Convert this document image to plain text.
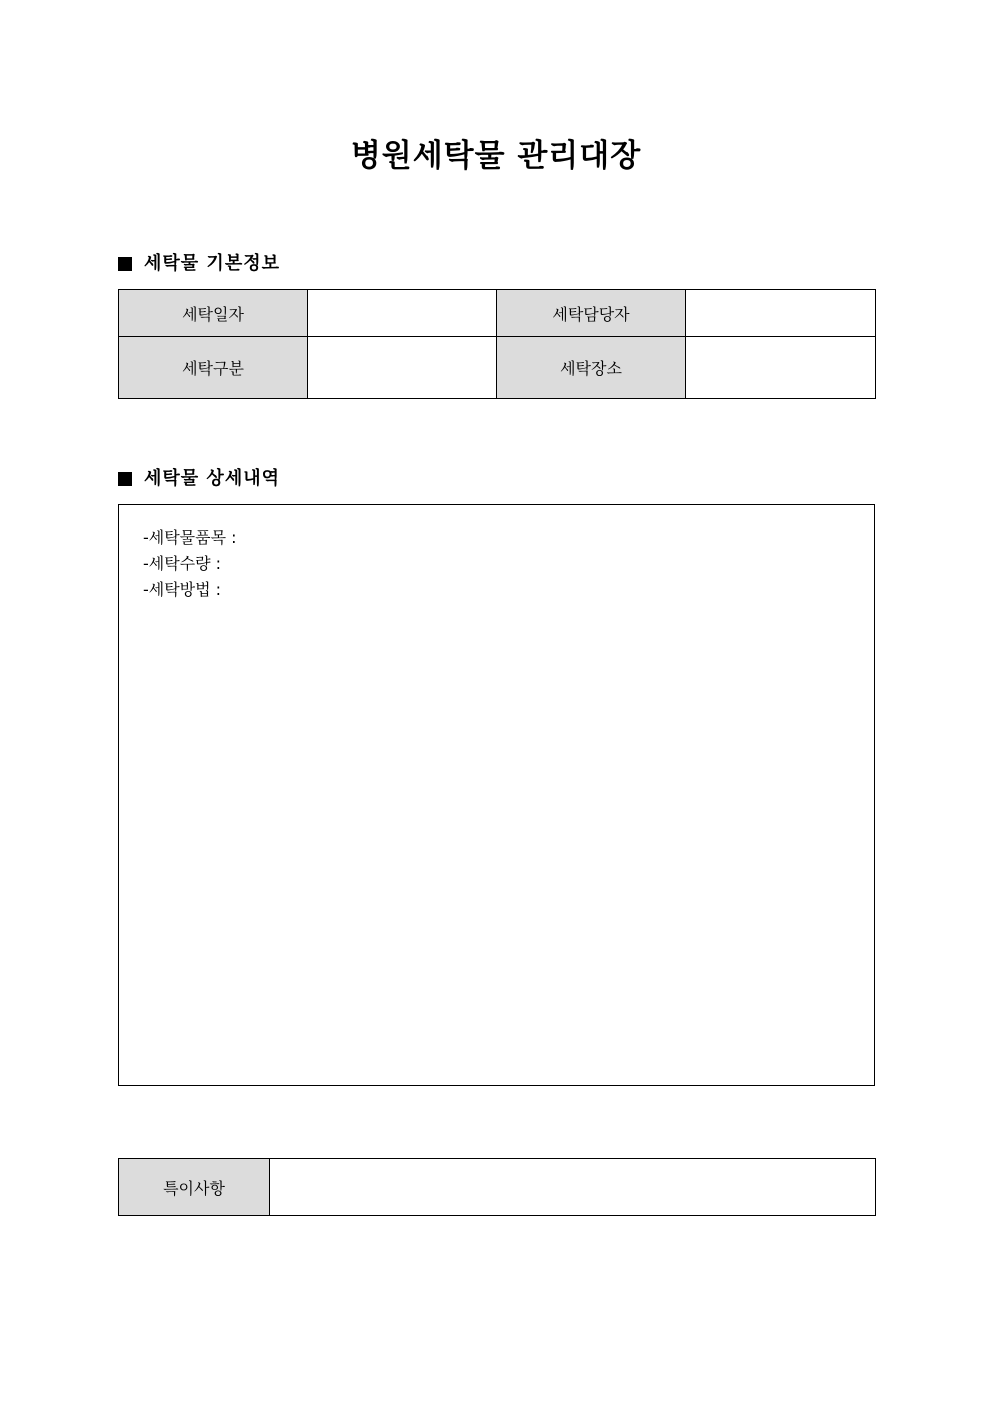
병원세탁물 관리대장
세탁물 기본정보
세탁일자		세탁담당자	
세탁구분		세탁장소	
세탁물 상세내역
-세탁물품목 :
-세탁수량 :
-세탁방법 :
특이사항	
